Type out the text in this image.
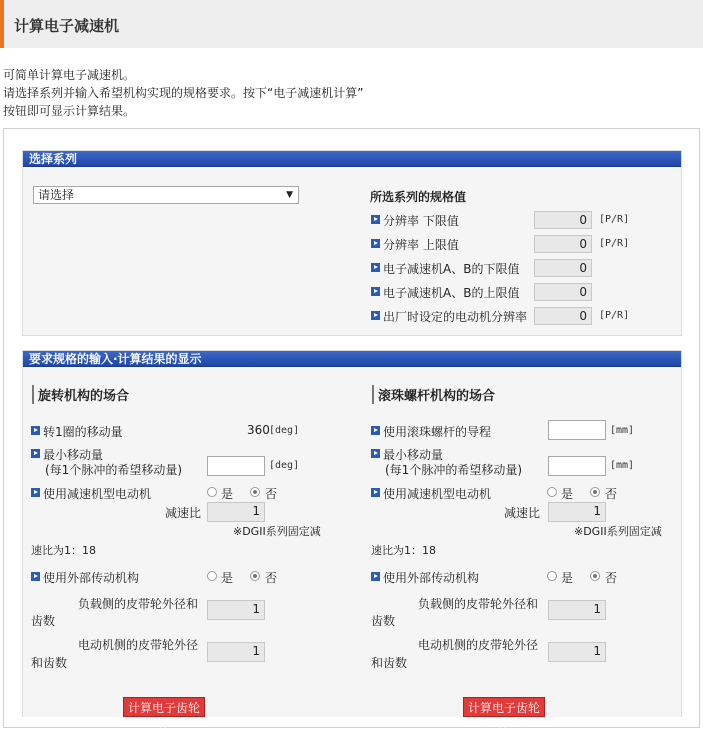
计算电子减速机
可简单计算电子减速机。
请选择系列并输入希望机构实现的规格要求。按下“电子减速机计算”
按钮即可显示计算结果。
选择系列
请选择	▼	所选系列的规格值
分辨率 下限值	0	[P/R]
分辨率 上限值	0	[P/R]
电子减速机A、B的下限值	0
电子减速机A、B的上限值	0
出厂时设定的电动机分辨率	0	[P/R]
要求规格的输入·计算结果的显示
旋转机构的场合
转1圈的移动量	360 [deg]
最小移动量
(每1个脉冲的希望移动量)	[deg]
使用减速机型电动机	是	否
减速比	1
※DGII系列固定减
速比为1：18
使用外部传动机构	是	否
负载侧的皮带轮外径和
齿数
1
电动机侧的皮带轮外径
和齿数
1
计算电子齿轮比
滚珠螺杆机构的场合
使用滚珠螺杆的导程	[mm]
最小移动量
(每1个脉冲的希望移动量)	[mm]
使用减速机型电动机	是	否
减速比	1
※DGII系列固定减
速比为1：18
使用外部传动机构	是	否
负载侧的皮带轮外径和
齿数
1
电动机侧的皮带轮外径
和齿数
1
计算电子齿轮比
